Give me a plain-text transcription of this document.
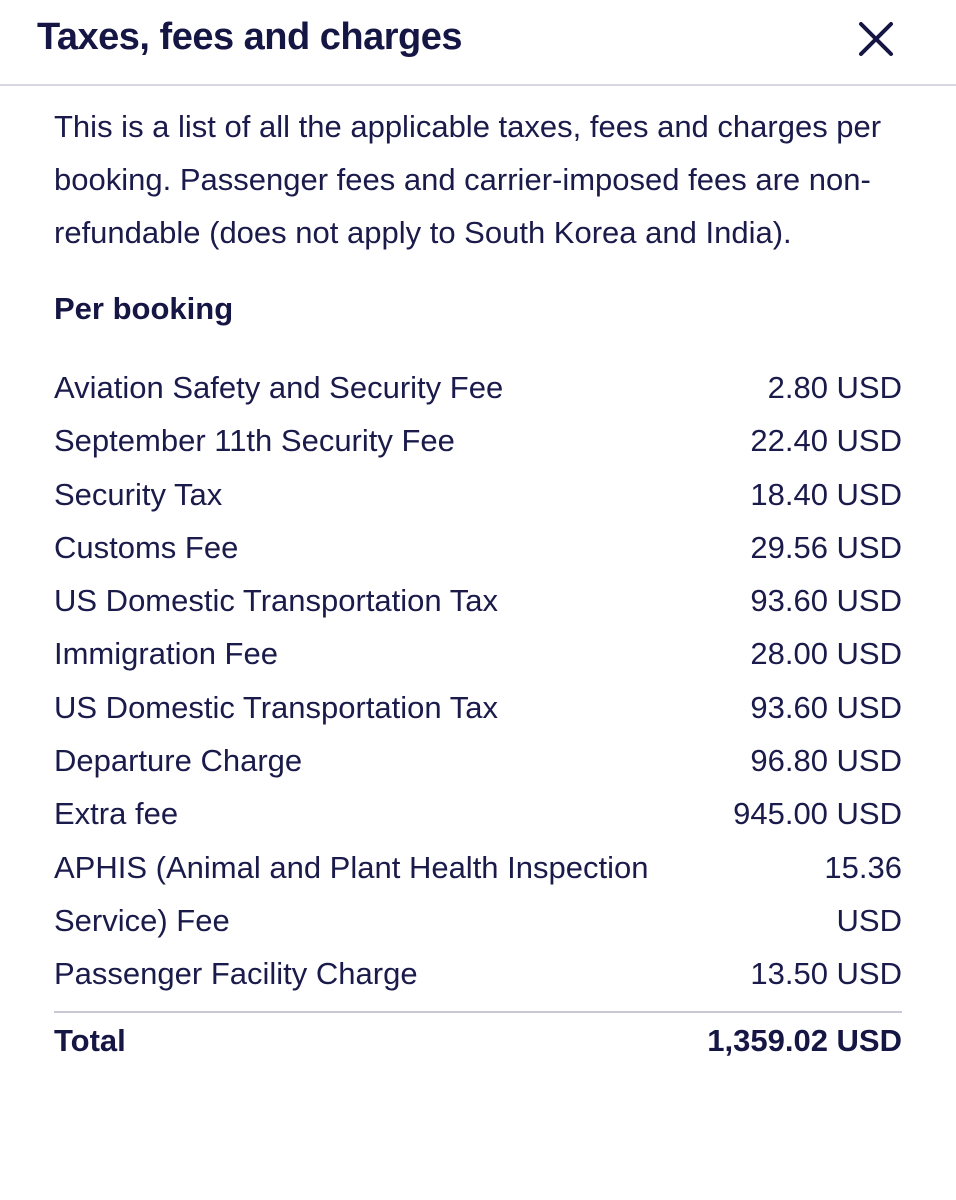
Taxes, fees and charges

This is a list of all the applicable taxes, fees and charges per booking. Passenger fees and carrier-imposed fees are non-refundable (does not apply to South Korea and India).

Per booking
Aviation Safety and Security Fee	2.80 USD
September 11th Security Fee	22.40 USD
Security Tax	18.40 USD
Customs Fee	29.56 USD
US Domestic Transportation Tax	93.60 USD
Immigration Fee	28.00 USD
US Domestic Transportation Tax	93.60 USD
Departure Charge	96.80 USD
Extra fee	945.00 USD
APHIS (Animal and Plant Health Inspection Service) Fee
15.36 USD
Passenger Facility Charge	13.50 USD
Total	1,359.02 USD
